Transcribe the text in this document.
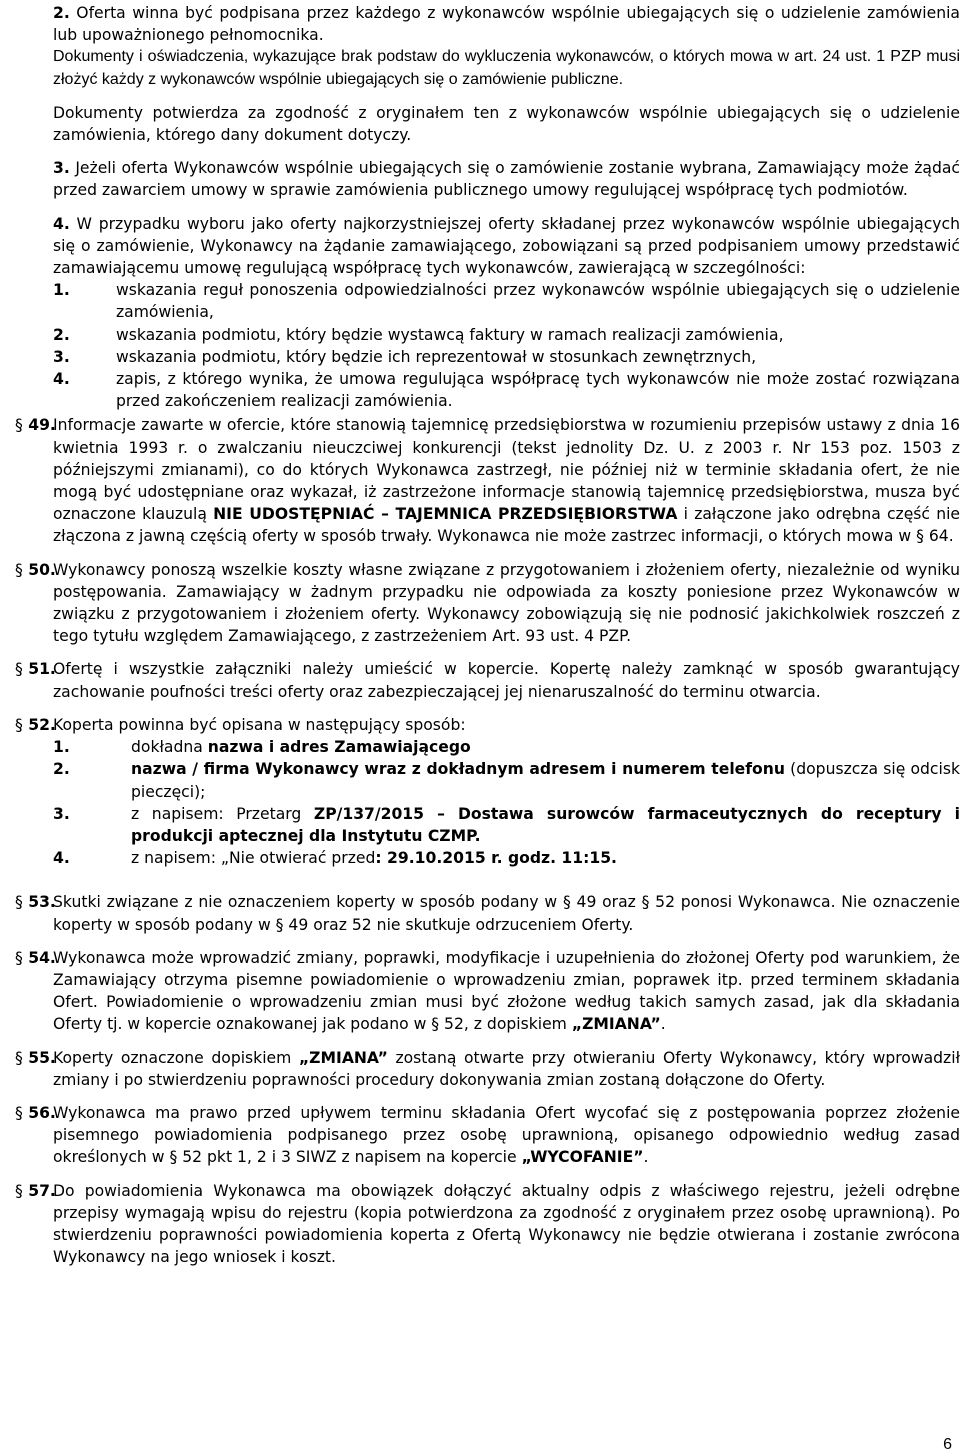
2. Oferta winna być podpisana przez każdego z wykonawców wspólnie ubiegających się o udzielenie zamówienia lub upoważnionego pełnomocnika.

Dokumenty i oświadczenia, wykazujące brak podstaw do wykluczenia wykonawców, o których mowa w art. 24 ust. 1 PZP musi złożyć każdy z wykonawców wspólnie ubiegających się o zamówienie publiczne.

Dokumenty potwierdza za zgodność z oryginałem ten z wykonawców wspólnie ubiegających się o udzielenie zamówienia, którego dany dokument dotyczy.

3. Jeżeli oferta Wykonawców wspólnie ubiegających się o zamówienie zostanie wybrana, Zamawiający może żądać przed zawarciem umowy w sprawie zamówienia publicznego umowy regulującej współpracę tych podmiotów.

4. W przypadku wyboru jako oferty najkorzystniejszej oferty składanej przez wykonawców wspólnie ubiegających się o zamówienie, Wykonawcy na żądanie zamawiającego, zobowiązani są przed podpisaniem umowy przedstawić zamawiającemu umowę regulującą współpracę tych wykonawców, zawierającą w szczególności:

1.	wskazania reguł ponoszenia odpowiedzialności przez wykonawców wspólnie ubiegających się o udzielenie zamówienia,
2.	wskazania podmiotu, który będzie wystawcą faktury w ramach realizacji zamówienia,
3.	wskazania podmiotu, który będzie ich reprezentował w stosunkach zewnętrznych,
4.	zapis, z którego wynika, że umowa regulująca współpracę tych wykonawców nie może zostać rozwiązana przed zakończeniem realizacji zamówienia.
§ 49.

Informacje zawarte w ofercie, które stanowią tajemnicę przedsiębiorstwa w rozumieniu przepisów ustawy z dnia 16 kwietnia 1993 r. o zwalczaniu nieuczciwej konkurencji (tekst jednolity Dz. U. z 2003 r. Nr 153 poz. 1503 z późniejszymi zmianami), co do których Wykonawca zastrzegł, nie później niż w terminie składania ofert, że nie mogą być udostępniane oraz wykazał, iż zastrzeżone informacje stanowią tajemnicę przedsiębiorstwa, musza być oznaczone klauzulą NIE UDOSTĘPNIAĆ – TAJEMNICA PRZEDSIĘBIORSTWA i załączone jako odrębna część nie złączona z jawną częścią oferty w sposób trwały. Wykonawca nie może zastrzec informacji, o których mowa w § 64.

§ 50.

Wykonawcy ponoszą wszelkie koszty własne związane z przygotowaniem i złożeniem oferty, niezależnie od wyniku postępowania. Zamawiający w żadnym przypadku nie odpowiada za koszty poniesione przez Wykonawców w związku z przygotowaniem i złożeniem oferty. Wykonawcy zobowiązują się nie podnosić jakichkolwiek roszczeń z tego tytułu względem Zamawiającego, z zastrzeżeniem Art. 93 ust. 4 PZP.

§ 51.

Ofertę i wszystkie załączniki należy umieścić w kopercie. Kopertę należy zamknąć w sposób gwarantujący zachowanie poufności treści oferty oraz zabezpieczającej jej nienaruszalność do terminu otwarcia.

§ 52.

Koperta powinna być opisana w następujący sposób:

1.	dokładna nazwa i adres Zamawiającego
2.	nazwa / firma Wykonawcy wraz z dokładnym adresem i numerem telefonu (dopuszcza się odcisk pieczęci);
3.	z napisem: Przetarg ZP/137/2015 – Dostawa surowców farmaceutycznych do receptury i produkcji aptecznej dla Instytutu CZMP.
4.	z napisem: „Nie otwierać przed: 29.10.2015 r. godz. 11:15.
§ 53.

Skutki związane z nie oznaczeniem koperty w sposób podany w § 49 oraz § 52 ponosi Wykonawca. Nie oznaczenie koperty w sposób podany w § 49 oraz 52 nie skutkuje odrzuceniem Oferty.

§ 54.

Wykonawca może wprowadzić zmiany, poprawki, modyfikacje i uzupełnienia do złożonej Oferty pod warunkiem, że Zamawiający otrzyma pisemne powiadomienie o wprowadzeniu zmian, poprawek itp. przed terminem składania Ofert. Powiadomienie o wprowadzeniu zmian musi być złożone według takich samych zasad, jak dla składania Oferty tj. w kopercie oznakowanej jak podano w § 52, z dopiskiem „ZMIANA”.

§ 55.

Koperty oznaczone dopiskiem „ZMIANA” zostaną otwarte przy otwieraniu Oferty Wykonawcy, który wprowadził zmiany i po stwierdzeniu poprawności procedury dokonywania zmian zostaną dołączone do Oferty.

§ 56.

Wykonawca ma prawo przed upływem terminu składania Ofert wycofać się z postępowania poprzez złożenie pisemnego powiadomienia podpisanego przez osobę uprawnioną, opisanego odpowiednio według zasad określonych w § 52 pkt 1, 2 i 3 SIWZ z napisem na kopercie „WYCOFANIE”.

§ 57.

Do powiadomienia Wykonawca ma obowiązek dołączyć aktualny odpis z właściwego rejestru, jeżeli odrębne przepisy wymagają wpisu do rejestru (kopia potwierdzona za zgodność z oryginałem przez osobę uprawnioną). Po stwierdzeniu poprawności powiadomienia koperta z Ofertą Wykonawcy nie będzie otwierana i zostanie zwrócona Wykonawcy na jego wniosek i koszt.

6
